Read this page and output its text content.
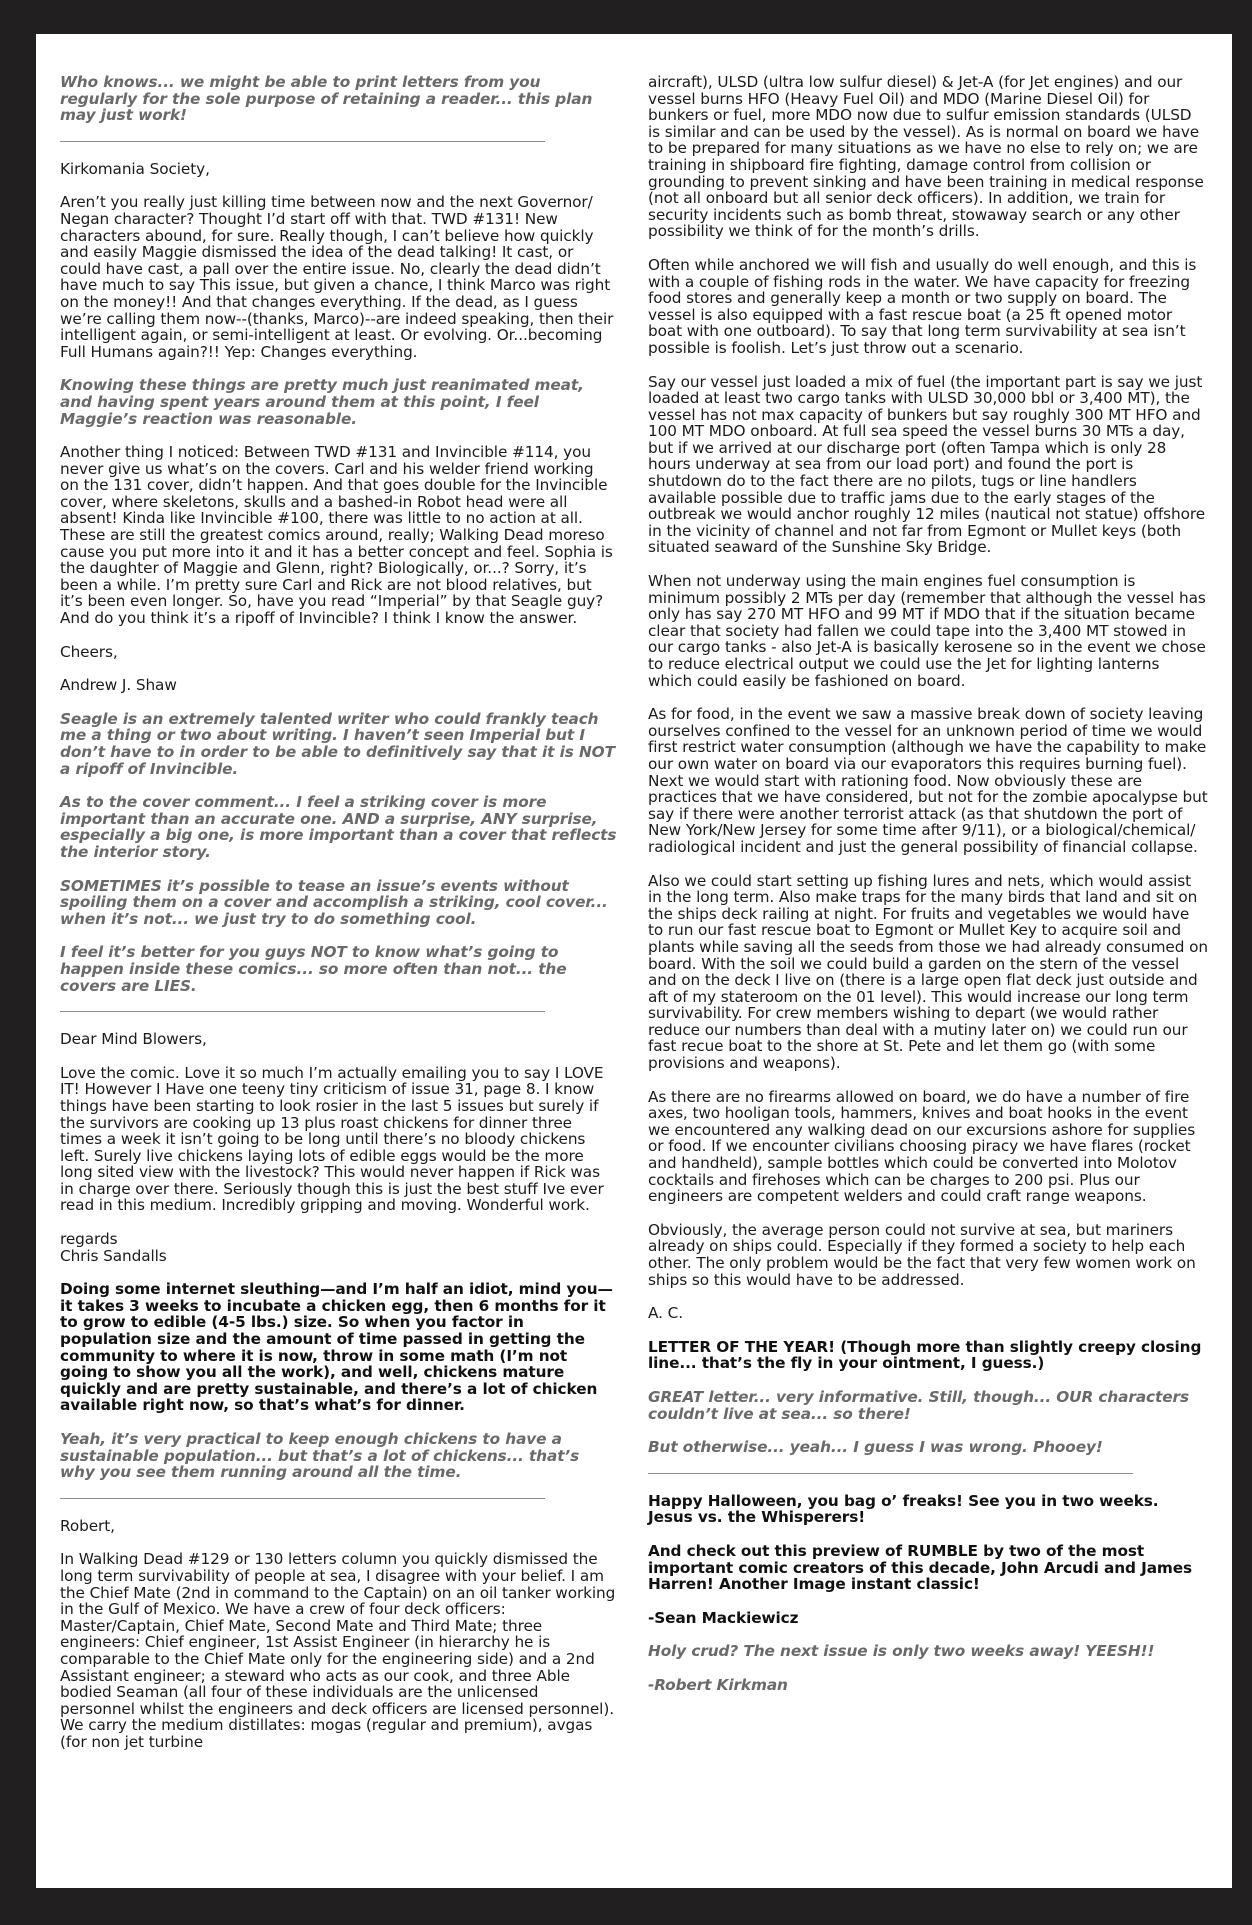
Who knows... we might be able to print letters from you regularly for the sole purpose of retaining a reader... this plan may just work!

Kirkomania Society,

Aren’t you really just killing time between now and the next Governor/ Negan character? Thought I’d start off with that. TWD #131! New characters abound, for sure. Really though, I can’t believe how quickly and easily Maggie dismissed the idea of the dead talking! It cast, or could have cast, a pall over the entire issue. No, clearly the dead didn’t have much to say This issue, but given a chance, I think Marco was right on the money!! And that changes everything. If the dead, as I guess we’re calling them now--(thanks, Marco)--are indeed speaking, then their intelligent again, or semi-intelligent at least. Or evolving. Or...becoming Full Humans again?!! Yep: Changes everything.

Knowing these things are pretty much just reanimated meat, and having spent years around them at this point, I feel Maggie’s reaction was reasonable.

Another thing I noticed: Between TWD #131 and Invincible #114, you never give us what’s on the covers. Carl and his welder friend working on the 131 cover, didn’t happen. And that goes double for the Invincible cover, where skeletons, skulls and a bashed-in Robot head were all absent! Kinda like Invincible #100, there was little to no action at all. These are still the greatest comics around, really; Walking Dead moreso cause you put more into it and it has a better concept and feel. Sophia is the daughter of Maggie and Glenn, right? Biologically, or...? Sorry, it’s been a while. I’m pretty sure Carl and Rick are not blood relatives, but it’s been even longer. So, have you read “Imperial” by that Seagle guy? And do you think it’s a ripoff of Invincible? I think I know the answer.

Cheers,

Andrew J. Shaw

Seagle is an extremely talented writer who could frankly teach me a thing or two about writing. I haven’t seen Imperial but I don’t have to in order to be able to definitively say that it is NOT a ripoff of Invincible.

As to the cover comment... I feel a striking cover is more important than an accurate one. AND a surprise, ANY surprise, especially a big one, is more important than a cover that reflects the interior story.

SOMETIMES it’s possible to tease an issue’s events without spoiling them on a cover and accomplish a striking, cool cover... when it’s not... we just try to do something cool.

I feel it’s better for you guys NOT to know what’s going to happen inside these comics... so more often than not... the covers are LIES.

Dear Mind Blowers,

Love the comic. Love it so much I’m actually emailing you to say I LOVE IT! However I Have one teeny tiny criticism of issue 31, page 8. I know things have been starting to look rosier in the last 5 issues but surely if the survivors are cooking up 13 plus roast chickens for dinner three times a week it isn’t going to be long until there’s no bloody chickens left. Surely live chickens laying lots of edible eggs would be the more long sited view with the livestock? This would never happen if Rick was in charge over there. Seriously though this is just the best stuff Ive ever read in this medium. Incredibly gripping and moving. Wonderful work.

regards

Chris Sandalls

Doing some internet sleuthing—and I’m half an idiot, mind you—it takes 3 weeks to incubate a chicken egg, then 6 months for it to grow to edible (4-5 lbs.) size. So when you factor in population size and the amount of time passed in getting the community to where it is now, throw in some math (I’m not going to show you all the work), and well, chickens mature quickly and are pretty sustainable, and there’s a lot of chicken available right now, so that’s what’s for dinner.

Yeah, it’s very practical to keep enough chickens to have a sustainable population... but that’s a lot of chickens... that’s why you see them running around all the time.

Robert,

In Walking Dead #129 or 130 letters column you quickly dismissed the long term survivability of people at sea, I disagree with your belief. I am the Chief Mate (2nd in command to the Captain) on an oil tanker working in the Gulf of Mexico. We have a crew of four deck officers: Master/Captain, Chief Mate, Second Mate and Third Mate; three engineers: Chief engineer, 1st Assist Engineer (in hierarchy he is comparable to the Chief Mate only for the engineering side) and a 2nd Assistant engineer; a steward who acts as our cook, and three Able bodied Seaman (all four of these individuals are the unlicensed personnel whilst the engineers and deck officers are licensed personnel). We carry the medium distillates: mogas (regular and premium), avgas (for non jet turbine

aircraft), ULSD (ultra low sulfur diesel) & Jet-A (for Jet engines) and our vessel burns HFO (Heavy Fuel Oil) and MDO (Marine Diesel Oil) for bunkers or fuel, more MDO now due to sulfur emission standards (ULSD is similar and can be used by the vessel). As is normal on board we have to be prepared for many situations as we have no else to rely on; we are training in shipboard fire fighting, damage control from collision or grounding to prevent sinking and have been training in medical response (not all onboard but all senior deck officers). In addition, we train for security incidents such as bomb threat, stowaway search or any other possibility we think of for the month’s drills.

Often while anchored we will fish and usually do well enough, and this is with a couple of fishing rods in the water. We have capacity for freezing food stores and generally keep a month or two supply on board. The vessel is also equipped with a fast rescue boat (a 25 ft opened motor boat with one outboard). To say that long term survivability at sea isn’t possible is foolish. Let’s just throw out a scenario.

Say our vessel just loaded a mix of fuel (the important part is say we just loaded at least two cargo tanks with ULSD 30,000 bbl or 3,400 MT), the vessel has not max capacity of bunkers but say roughly 300 MT HFO and 100 MT MDO onboard. At full sea speed the vessel burns 30 MTs a day, but if we arrived at our discharge port (often Tampa which is only 28 hours underway at sea from our load port) and found the port is shutdown do to the fact there are no pilots, tugs or line handlers available possible due to traffic jams due to the early stages of the outbreak we would anchor roughly 12 miles (nautical not statue) offshore in the vicinity of channel and not far from Egmont or Mullet keys (both situated seaward of the Sunshine Sky Bridge.

When not underway using the main engines fuel consumption is minimum possibly 2 MTs per day (remember that although the vessel has only has say 270 MT HFO and 99 MT if MDO that if the situation became clear that society had fallen we could tape into the 3,400 MT stowed in our cargo tanks - also Jet-A is basically kerosene so in the event we chose to reduce electrical output we could use the Jet for lighting lanterns which could easily be fashioned on board.

As for food, in the event we saw a massive break down of society leaving ourselves confined to the vessel for an unknown period of time we would first restrict water consumption (although we have the capability to make our own water on board via our evaporators this requires burning fuel). Next we would start with rationing food. Now obviously these are practices that we have considered, but not for the zombie apocalypse but say if there were another terrorist attack (as that shutdown the port of New York/New Jersey for some time after 9/11), or a biological/chemical/ radiological incident and just the general possibility of financial collapse.

Also we could start setting up fishing lures and nets, which would assist in the long term. Also make traps for the many birds that land and sit on the ships deck railing at night. For fruits and vegetables we would have to run our fast rescue boat to Egmont or Mullet Key to acquire soil and plants while saving all the seeds from those we had already consumed on board. With the soil we could build a garden on the stern of the vessel and on the deck I live on (there is a large open flat deck just outside and aft of my stateroom on the 01 level). This would increase our long term survivability. For crew members wishing to depart (we would rather reduce our numbers than deal with a mutiny later on) we could run our fast recue boat to the shore at St. Pete and let them go (with some provisions and weapons).

As there are no firearms allowed on board, we do have a number of fire axes, two hooligan tools, hammers, knives and boat hooks in the event we encountered any walking dead on our excursions ashore for supplies or food. If we encounter civilians choosing piracy we have flares (rocket and handheld), sample bottles which could be converted into Molotov cocktails and firehoses which can be charges to 200 psi. Plus our engineers are competent welders and could craft range weapons.

Obviously, the average person could not survive at sea, but mariners already on ships could. Especially if they formed a society to help each other. The only problem would be the fact that very few women work on ships so this would have to be addressed.

A. C.

LETTER OF THE YEAR! (Though more than slightly creepy closing line... that’s the fly in your ointment, I guess.)

GREAT letter... very informative. Still, though... OUR characters couldn’t live at sea... so there!

But otherwise... yeah... I guess I was wrong. Phooey!

Happy Halloween, you bag o’ freaks! See you in two weeks. Jesus vs. the Whisperers!

And check out this preview of RUMBLE by two of the most important comic creators of this decade, John Arcudi and James Harren! Another Image instant classic!

-Sean Mackiewicz

Holy crud? The next issue is only two weeks away! YEESH!!

-Robert Kirkman
